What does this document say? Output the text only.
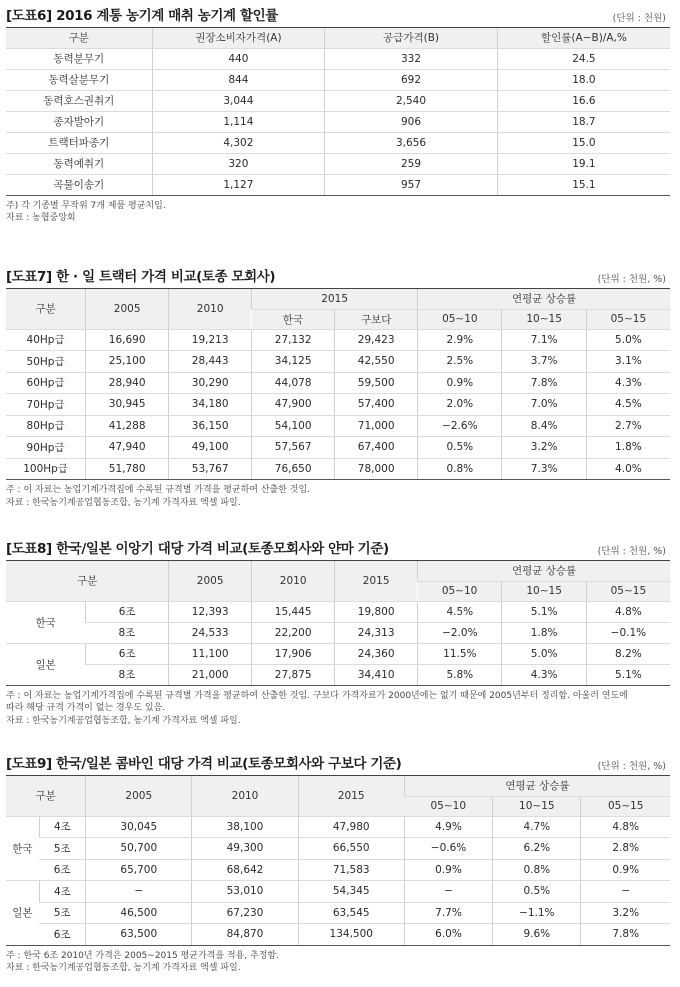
[도표6] 2016 계통 농기계 매취 농기계 할인률	(단위 : 천원)
구분	권장소비자가격(A)	공급가격(B)	할인률(A−B)/A,%
동력분무기	440	332	24.5
동력살분무기	844	692	18.0
동력호스권취기	3,044	2,540	16.6
종자발아기	1,114	906	18.7
트랙터파종기	4,302	3,656	15.0
동력예취기	320	259	19.1
곡물이송기	1,127	957	15.1
주) 각 기종별 무작위 7개 제품 평균치임.
자료 : 농협중앙회
[도표7] 한 · 일 트랙터 가격 비교(토종 모회사)	(단위 : 천원, %)
구분	2005	2010	2015		연평균 상승률		
			한국	구보다	05∼10	10∼15	05∼15
40Hp급	16,690	19,213	27,132	29,423	2.9%	7.1%	5.0%
50Hp급	25,100	28,443	34,125	42,550	2.5%	3.7%	3.1%
60Hp급	28,940	30,290	44,078	59,500	0.9%	7.8%	4.3%
70Hp급	30,945	34,180	47,900	57,400	2.0%	7.0%	4.5%
80Hp급	41,288	36,150	54,100	71,000	−2.6%	8.4%	2.7%
90Hp급	47,940	49,100	57,567	67,400	0.5%	3.2%	1.8%
100Hp급	51,780	53,767	76,650	78,000	0.8%	7.3%	4.0%
주 : 이 자료는 농업기계가격집에 수록된 규격별 가격을 평균하여 산출한 것임.
자료 : 한국농기계공업협동조합, 농기계 가격자료 엑셀 파일.
[도표8] 한국/일본 이앙기 대당 가격 비교(토종모회사와 얀마 기준)	(단위 : 천원, %)
구분		2005	2010	2015	연평균 상승률		
					05∼10	10∼15	05∼15
한국	6조	12,393	15,445	19,800	4.5%	5.1%	4.8%
	8조	24,533	22,200	24,313	−2.0%	1.8%	−0.1%
일본	6조	11,100	17,906	24,360	11.5%	5.0%	8.2%
	8조	21,000	27,875	34,410	5.8%	4.3%	5.1%
주 : 이 자료는 농업기계가격집에 수록된 규격별 가격을 평균하여 산출한 것임. 구보다 가격자료가 2000년에는 없기 때문에 2005년부터 정리함. 아울러 연도에
따라 해당 규격 가격이 없는 경우도 있음.
자료 : 한국농기계공업협동조합, 농기계 가격자료 엑셀 파일.
[도표9] 한국/일본 콤바인 대당 가격 비교(토종모회사와 구보다 기준)	(단위 : 천원, %)
구분		2005	2010	2015	연평균 상승률		
					05∼10	10∼15	05∼15
한국	4조	30,045	38,100	47,980	4.9%	4.7%	4.8%
	5조	50,700	49,300	66,550	−0.6%	6.2%	2.8%
	6조	65,700	68,642	71,583	0.9%	0.8%	0.9%
일본	4조	−	53,010	54,345	−	0.5%	−
	5조	46,500	67,230	63,545	7.7%	−1.1%	3.2%
	6조	63,500	84,870	134,500	6.0%	9.6%	7.8%
주 : 한국 6조 2010년 가격은 2005∼2015 평균가격을 적용, 추정함.
자료 : 한국농기계공업협동조합, 농기계 가격자료 엑셀 파일.
